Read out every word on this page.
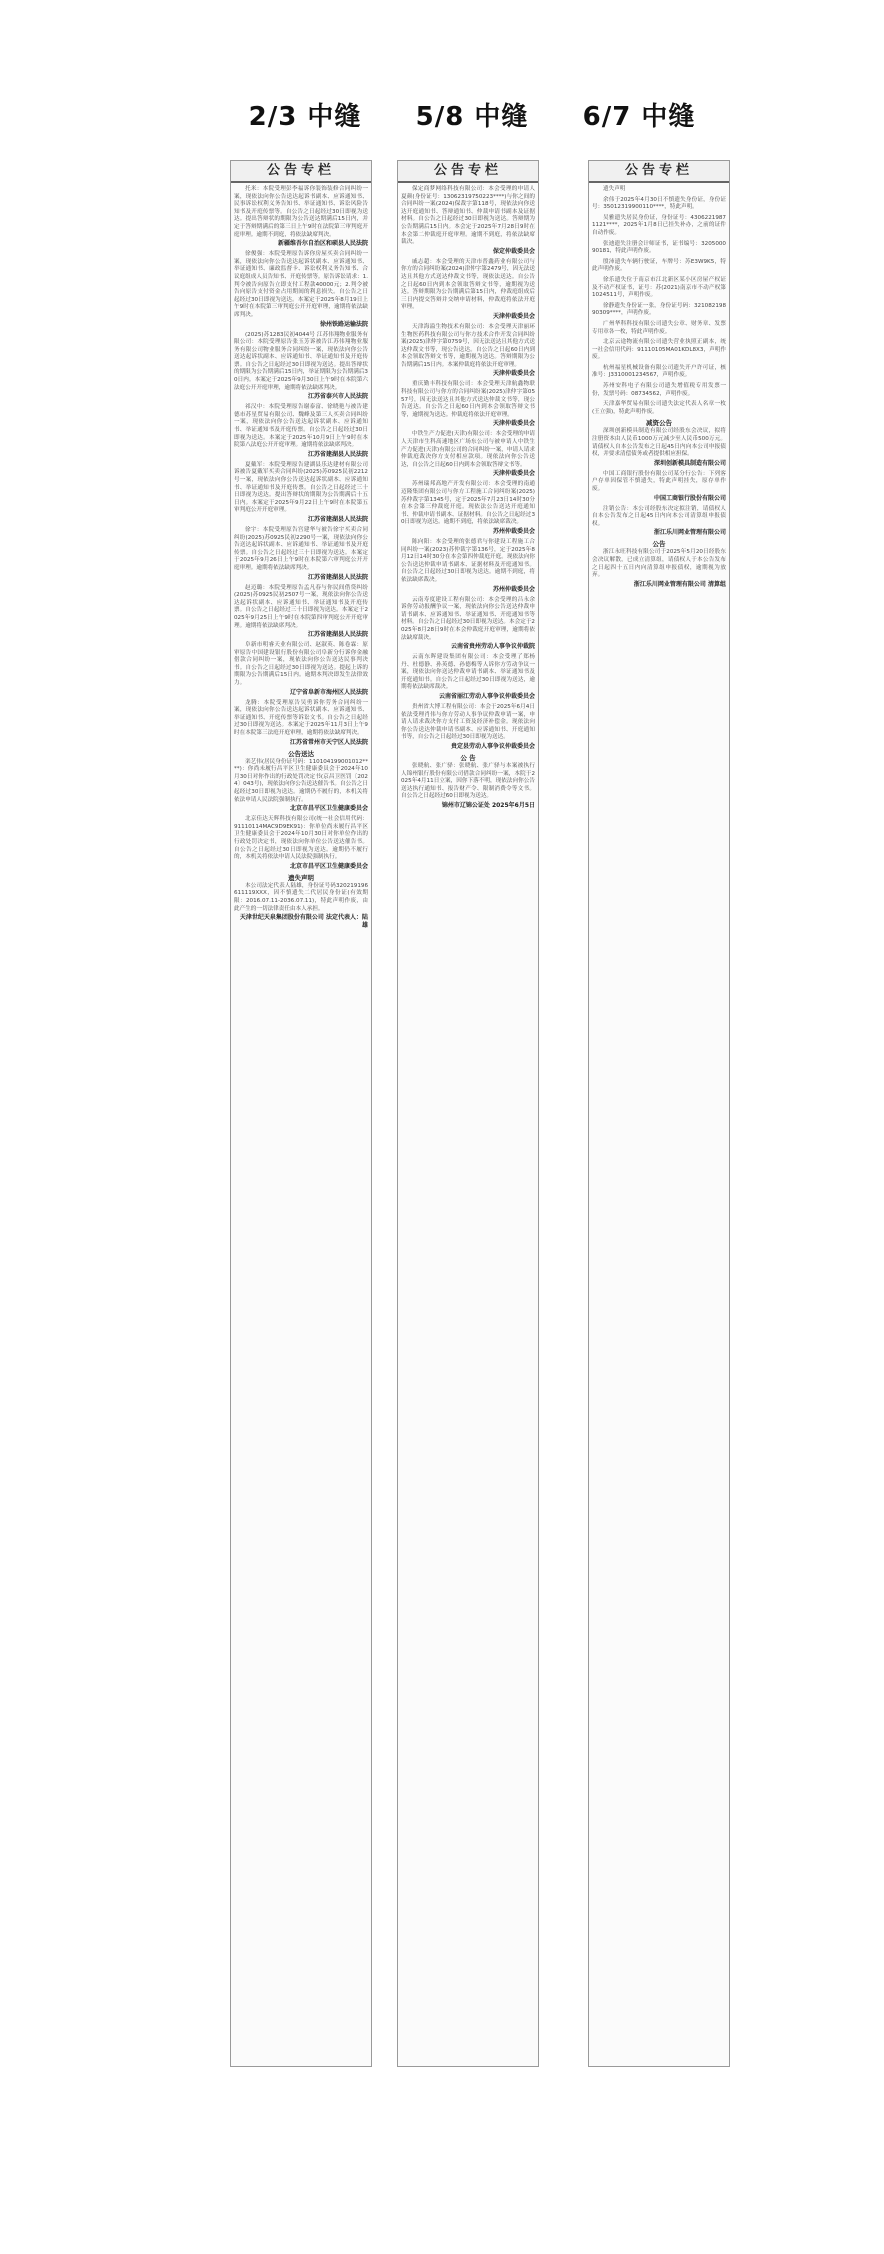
2/3 中缝
公告专栏
托米：本院受理彭李福诉你装饰装修合同纠纷一案，现依法向你公告送达起诉书副本、应诉通知书、民事诉讼权利义务告知书、举证通知书、诉讼风险告知书及开庭传票等。自公告之日起经过30日即视为送达。提出答辩状的期限为公告送达期满后15日内，并定于答辩期满后的第三日上午9时在法院第三审判庭开庭审理。逾期不到庭，将依法缺席判决。
新疆维吾尔自治区和硕县人民法院
徐俊强：本院受理原告诉你房屋买卖合同纠纷一案，现依法向你公告送达起诉状副本、应诉通知书、举证通知书、廉政监督卡、诉讼权利义务告知书、合议庭组成人员告知书、开庭传票等。原告诉讼请求：1.判令被告向原告立即支付工程款40000元；2.判令被告向原告支付资金占用期间的利息损失。自公告之日起经过30日即视为送达。本案定于2025年8月19日上午9时在本院第三审判庭公开开庭审理，逾期将依法缺席判决。
徐州铁路运输法院
(2025)苏1283民初4044号 江苏伟翔物业服务有限公司：本院受理原告张玉芳诉被告江苏伟翔物业服务有限公司物业服务合同纠纷一案，现依法向你公告送达起诉状副本、应诉通知书、举证通知书及开庭传票。自公告之日起经过30日即视为送达。提出答辩状的期限为公告期满后15日内，举证期限为公告期满后30日内。本案定于2025年9月30日上午9时在本院第六法庭公开开庭审理，逾期将依法缺席判决。
江苏省泰兴市人民法院
祁汉中：本院受理原告谢泰富、徐晓艳与被告建德市苏星贸易有限公司、魏峰及第三人买卖合同纠纷一案，现依法向你公告送达起诉状副本、应诉通知书、举证通知书及开庭传票。自公告之日起经过30日即视为送达。本案定于2025年10月9日上午9时在本院第八法庭公开开庭审理。逾期将依法缺席判决。
江苏省建湖县人民法院
夏戴军：本院受理原告建湖县乐达建材有限公司诉被告夏戴军买卖合同纠纷(2025)苏0925民初2212号一案，现依法向你公告送达起诉状副本、应诉通知书、举证通知书及开庭传票。自公告之日起经过三十日即视为送达。提出答辩状的期限为公告期满后十五日内。本案定于2025年9月22日上午9时在本院第五审判庭公开开庭审理。
江苏省建湖县人民法院
徐宇：本院受理原告宫建华与被告徐宇买卖合同纠纷(2025)苏0925民初2290号一案，现依法向你公告送达起诉状副本、应诉通知书、举证通知书及开庭传票。自公告之日起经过三十日即视为送达。本案定于2025年9月26日上午9时在本院第六审判庭公开开庭审理。逾期将依法缺席判决。
江苏省建湖县人民法院
赵迈璐：本院受理原告孟凡春与你民间借贷纠纷(2025)苏0925民初2507号一案，现依法向你公告送达起诉状副本、应诉通知书、举证通知书及开庭传票。自公告之日起经过三十日即视为送达。本案定于2025年9月25日上午9时在本院第四审判庭公开开庭审理。逾期将依法缺席判决。
江苏省建湖县人民法院
阜新市明睿天业有限公司、赵淑英、陈卷霖：原审原告中国建设银行股份有限公司阜新分行诉你金融借款合同纠纷一案，现依法向你公告送达民事判决书。自公告之日起经过30日即视为送达。提起上诉的期限为公告期满后15日内。逾期本判决即发生法律效力。
辽宁省阜新市海州区人民法院
龙腾：本院受理原告吴勇诉你劳务合同纠纷一案，现依法向你公告送达起诉状副本、应诉通知书、举证通知书、开庭传票等诉讼文书。自公告之日起经过30日即视为送达。本案定于2025年11月3日上午9时在本院第三法庭开庭审理，逾期将依法缺席判决。
江苏省常州市天宁区人民法院
公告送达
栾艺伟(居民身份证号码：110104199001012****)：你尚未履行昌平区卫生健康委员会于2024年10月30日对你作出的行政处罚决定书(京昌卫医罚〔2024〕043号)，现依法向你公告送达催告书。自公告之日起经过30日即视为送达。逾期仍不履行的，本机关将依法申请人民法院强制执行。
北京市昌平区卫生健康委员会
北京佳达天辉科技有限公司(统一社会信用代码：91110114MAC9D9EK91)：你单位尚未履行昌平区卫生健康委员会于2024年10月30日对你单位作出的行政处罚决定书，现依法向你单位公告送达催告书。自公告之日起经过30日即视为送达。逾期仍不履行的，本机关将依法申请人民法院强制执行。
北京市昌平区卫生健康委员会
遗失声明
本公司法定代表人陆雄，身份证号码320219196611119XXX，因不慎遗失二代居民身份证(有效期限：2016.07.11-2036.07.11)，特此声明作废，由此产生的一切法律责任由本人承担。
天津世纪天泉集团股份有限公司 法定代表人：陆雄
5/8 中缝
公告专栏
保定商梦网络科技有限公司：本会受理的申请人夏颜(身份证号：13062319750223****)与你之间的合同纠纷一案(2024)保裁字第118号，现依法向你送达开庭通知书、答辩通知书、仲裁申请书副本及证据材料。自公告之日起经过30日即视为送达。答辩期为公告期满后15日内。本会定于2025年7月28日9时在本会第二仲裁庭开庭审理。逾期不到庭，将依法缺席裁决。
保定仲裁委员会
戚志超：本会受理的天津市普鑫药业有限公司与你方的合同纠纷案(2024)津仲字第2479号，因无法送达且其他方式送达仲裁文书等，现依法送达。自公告之日起60日内到本会领取答辩文书等，逾期视为送达。答辩期限为公告期满后第15日内，仲裁庭组成后三日内提交答辩并交纳申请材料，仲裁庭将依法开庭审理。
天津仲裁委员会
天津海溢生物技术有限公司：本会受理天津丽环生物医药科技有限公司与你方技术合作开发合同纠纷案(2025)津仲字第0759号，因无法送达且其他方式送达仲裁文书等，现公告送达。自公告之日起60日内到本会领取答辩文书等，逾期视为送达。答辩期限为公告期满后15日内。本案仲裁庭将依法开庭审理。
天津仲裁委员会
重庆勤丰科技有限公司：本会受理天津航鑫物联科技有限公司与你方的合同纠纷案(2025)津仲字第0557号，因无法送达且其他方式送达仲裁文书等，现公告送达。自公告之日起60日内到本会领取答辩文书等，逾期视为送达。仲裁庭将依法开庭审理。
天津仲裁委员会
中铁生产力促进(天津)有限公司：本会受理的申请人天津市生科高速地区广场东公司与被申请人中铁生产力促进(天津)有限公司的合同纠纷一案，申请人请求仲裁庭裁决你方支付相应款项。现依法向你公告送达，自公告之日起60日内到本会领取答辩文书等。
天津仲裁委员会
苏州瑞邦高地产开发有限公司：本会受理的南通迈隆集团有限公司与你方工程施工合同纠纷案(2025)苏仲裁字第1345号，定于2025年7月23日14时30分在本会第三仲裁庭开庭。现依法公告送达开庭通知书、仲裁申请书副本、证据材料。自公告之日起经过30日即视为送达。逾期不到庭，将依法缺席裁决。
苏州仲裁委员会
陈向阳：本会受理的张德君与你建设工程施工合同纠纷一案(2023)苏仲裁字第136号，定于2025年8月12日14时30分在本会第四仲裁庭开庭。现依法向你公告送达仲裁申请书副本、证据材料及开庭通知书。自公告之日起经过30日即视为送达。逾期不到庭，将依法缺席裁决。
苏州仲裁委员会
云南寿度建设工程有限公司：本会受理的吕永余诉你劳动报酬争议一案，现依法向你公告送达仲裁申请书副本、应诉通知书、举证通知书、开庭通知书等材料。自公告之日起经过30日即视为送达。本会定于2025年8月28日9时在本会仲裁庭开庭审理，逾期将依法缺席裁决。
云南省贵州劳动人事争议仲裁院
云南东晖建设集团有限公司：本会受理了郑杨丹、杜德静、孙英德、孙德梅等人诉你方劳动争议一案，现依法向你送达仲裁申请书副本、举证通知书及开庭通知书。自公告之日起经过30日即视为送达，逾期将依法缺席裁决。
云南省丽江劳动人事争议仲裁委员会
贵州省大博工程有限公司：本会于2025年6月4日依法受理肖伟与你方劳动人事争议仲裁申请一案，申请人请求裁决你方支付工资及经济补偿金。现依法向你公告送达仲裁申请书副本、应诉通知书、开庭通知书等，自公告之日起经过30日即视为送达。
贵定县劳动人事争议仲裁委员会
公 告
张晓航、张广驿：张晓航、张广驿与本案被执行人锦州银行股份有限公司借款合同纠纷一案，本院于2025年4月11日立案，因你下落不明，现依法向你公告送达执行通知书、报告财产令、限制消费令等文书。自公告之日起经过60日即视为送达。
锦州市辽锦公证处 2025年6月5日
6/7 中缝
公告专栏
遗失声明
余伟于2025年4月30日不慎遗失身份证，身份证号：35012319900110****，特此声明。
吴雅遗失居民身份证，身份证号：43062219871121****，2025年1月8日已挂失补办，之前的证件自动作废。
张迪遗失注册会计师证书，证书编号：320500090181，特此声明作废。
殷沛遗失车辆行驶证，车牌号：苏E3W9K5，特此声明作废。
徐乐遗失位于南京市江北新区某小区房屋产权证及不动产权证书，证号：苏(2021)南京市不动产权第1024511号，声明作废。
徐静遗失身份证一张，身份证号码：32108219890309****，声明作废。
广州华科科技有限公司遗失公章、财务章、发票专用章各一枚，特此声明作废。
北京云途物流有限公司遗失营业执照正副本，统一社会信用代码：91110105MA01KDL8X3，声明作废。
杭州福星机械设备有限公司遗失开户许可证，核准号：J3310001234567，声明作废。
苏州安科电子有限公司遗失增值税专用发票一份，发票号码：08734562，声明作废。
天津嘉华贸易有限公司遗失法定代表人名章一枚(王立强)，特此声明作废。
减资公告
深圳创新模具制造有限公司经股东会决议，拟将注册资本由人民币1000万元减少至人民币500万元。请债权人自本公告发布之日起45日内向本公司申报债权，并要求清偿债务或者提供相应担保。
深圳创新模具制造有限公司
中国工商银行股份有限公司某分行公告：下列客户存单因保管不慎遗失，特此声明挂失，原存单作废。
中国工商银行股份有限公司
注销公告：本公司经股东决定拟注销，请债权人自本公告发布之日起45日内向本公司清算组申报债权。
浙江乐川网业管理有限公司
公告
浙江永旺科技有限公司于2025年5月20日经股东会决议解散，已成立清算组，请债权人于本公告发布之日起四十五日内向清算组申报债权，逾期视为放弃。
浙江乐川网业管理有限公司 清算组
